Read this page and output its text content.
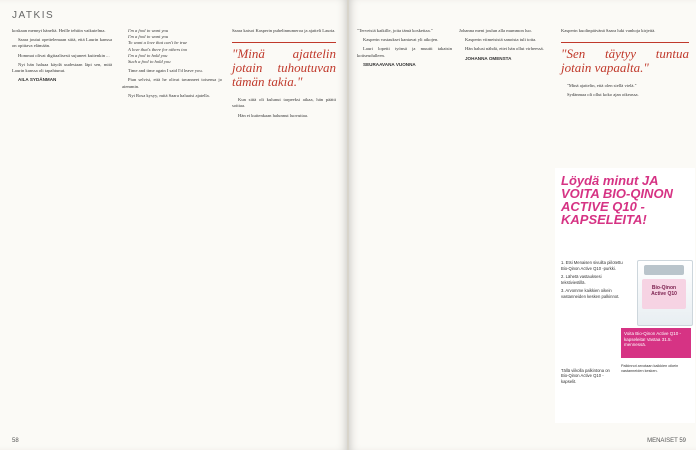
JATKIS

koskaan mennyt häneltä. Heille tehtiin vaikutelma.

Saara joutui opettelemaan siitä, että Laurin kanssa on opittava elämään.

Hommat olivat digitaalisesti sujuneet kuitenkin ...

Nyt hän haluaa käydä uudestaan läpi sen, mitä Laurin kanssa oli tapahtunut.

AILA SYDÄNMAN

I'm a fool to want you
I'm a fool to want you
To want a love that can't be true
A love that's there for others too
I'm a fool to hold you
Such a fool to hold you

Time and time again I said I'd leave you.

Pian selvisi, että he olivat tavanneet toisensa jo aiemmin.

Nyt Rosa kysyy, mitä Saara haluaisi ajatella.

Saara katsoi Kasperin puhelinnumeroa ja ajatteli Lauria.

"Minä ajattelin jotain tuhoutuvan tämän takia."

Kun siitä oli kulunut tarpeeksi aikaa, hän päätti soittaa.

Hän ei kuitenkaan halunnut luovuttaa.

58

"Terveisiä kaikille, joita tämä koskettaa."

Kasperin vastaukset kantavat yli aikojen.

Lauri lopetti työnsä ja muutti takaisin kotiseudulleen.

SEURAAVANA VUONNA

Johanna meni joulun alla mummon luo.

Kasperin viimeisistä sanoista tuli totta.

Hän halusi nähdä, ettei hän ollut virheessä.

JOHANNA OMENSTA

Kasperin kuolinpäivänä Saara luki vanhoja kirjeitä.

"Sen täytyy tuntua jotain vapaalta."

"Minä ajattelin, että olen siellä vielä."

Sydänmaa oli ollut koko ajan oikeassa.

MENAISET 59
Löydä minut JA VOITA BIO-QINON ACTIVE Q10 -KAPSELEITA!
1. Etsi Menaisen sivuilta piilotettu Bio-Qinon Active Q10 -purkki.
2. Lähetä vastauksesi tekstiviestillä.
3. Arvomme kaikkien oikein vastanneiden kesken palkinnot.
Bio-Qinon Active Q10
Voita Bio-Qinon Active Q10 -kapseleita! Vastaa 31.5. mennessä.
Tällä viikolla palkintona on Bio-Qinon Active Q10 -kapselit.
Palkinnot arvotaan kaikkien oikein vastanneiden kesken.
